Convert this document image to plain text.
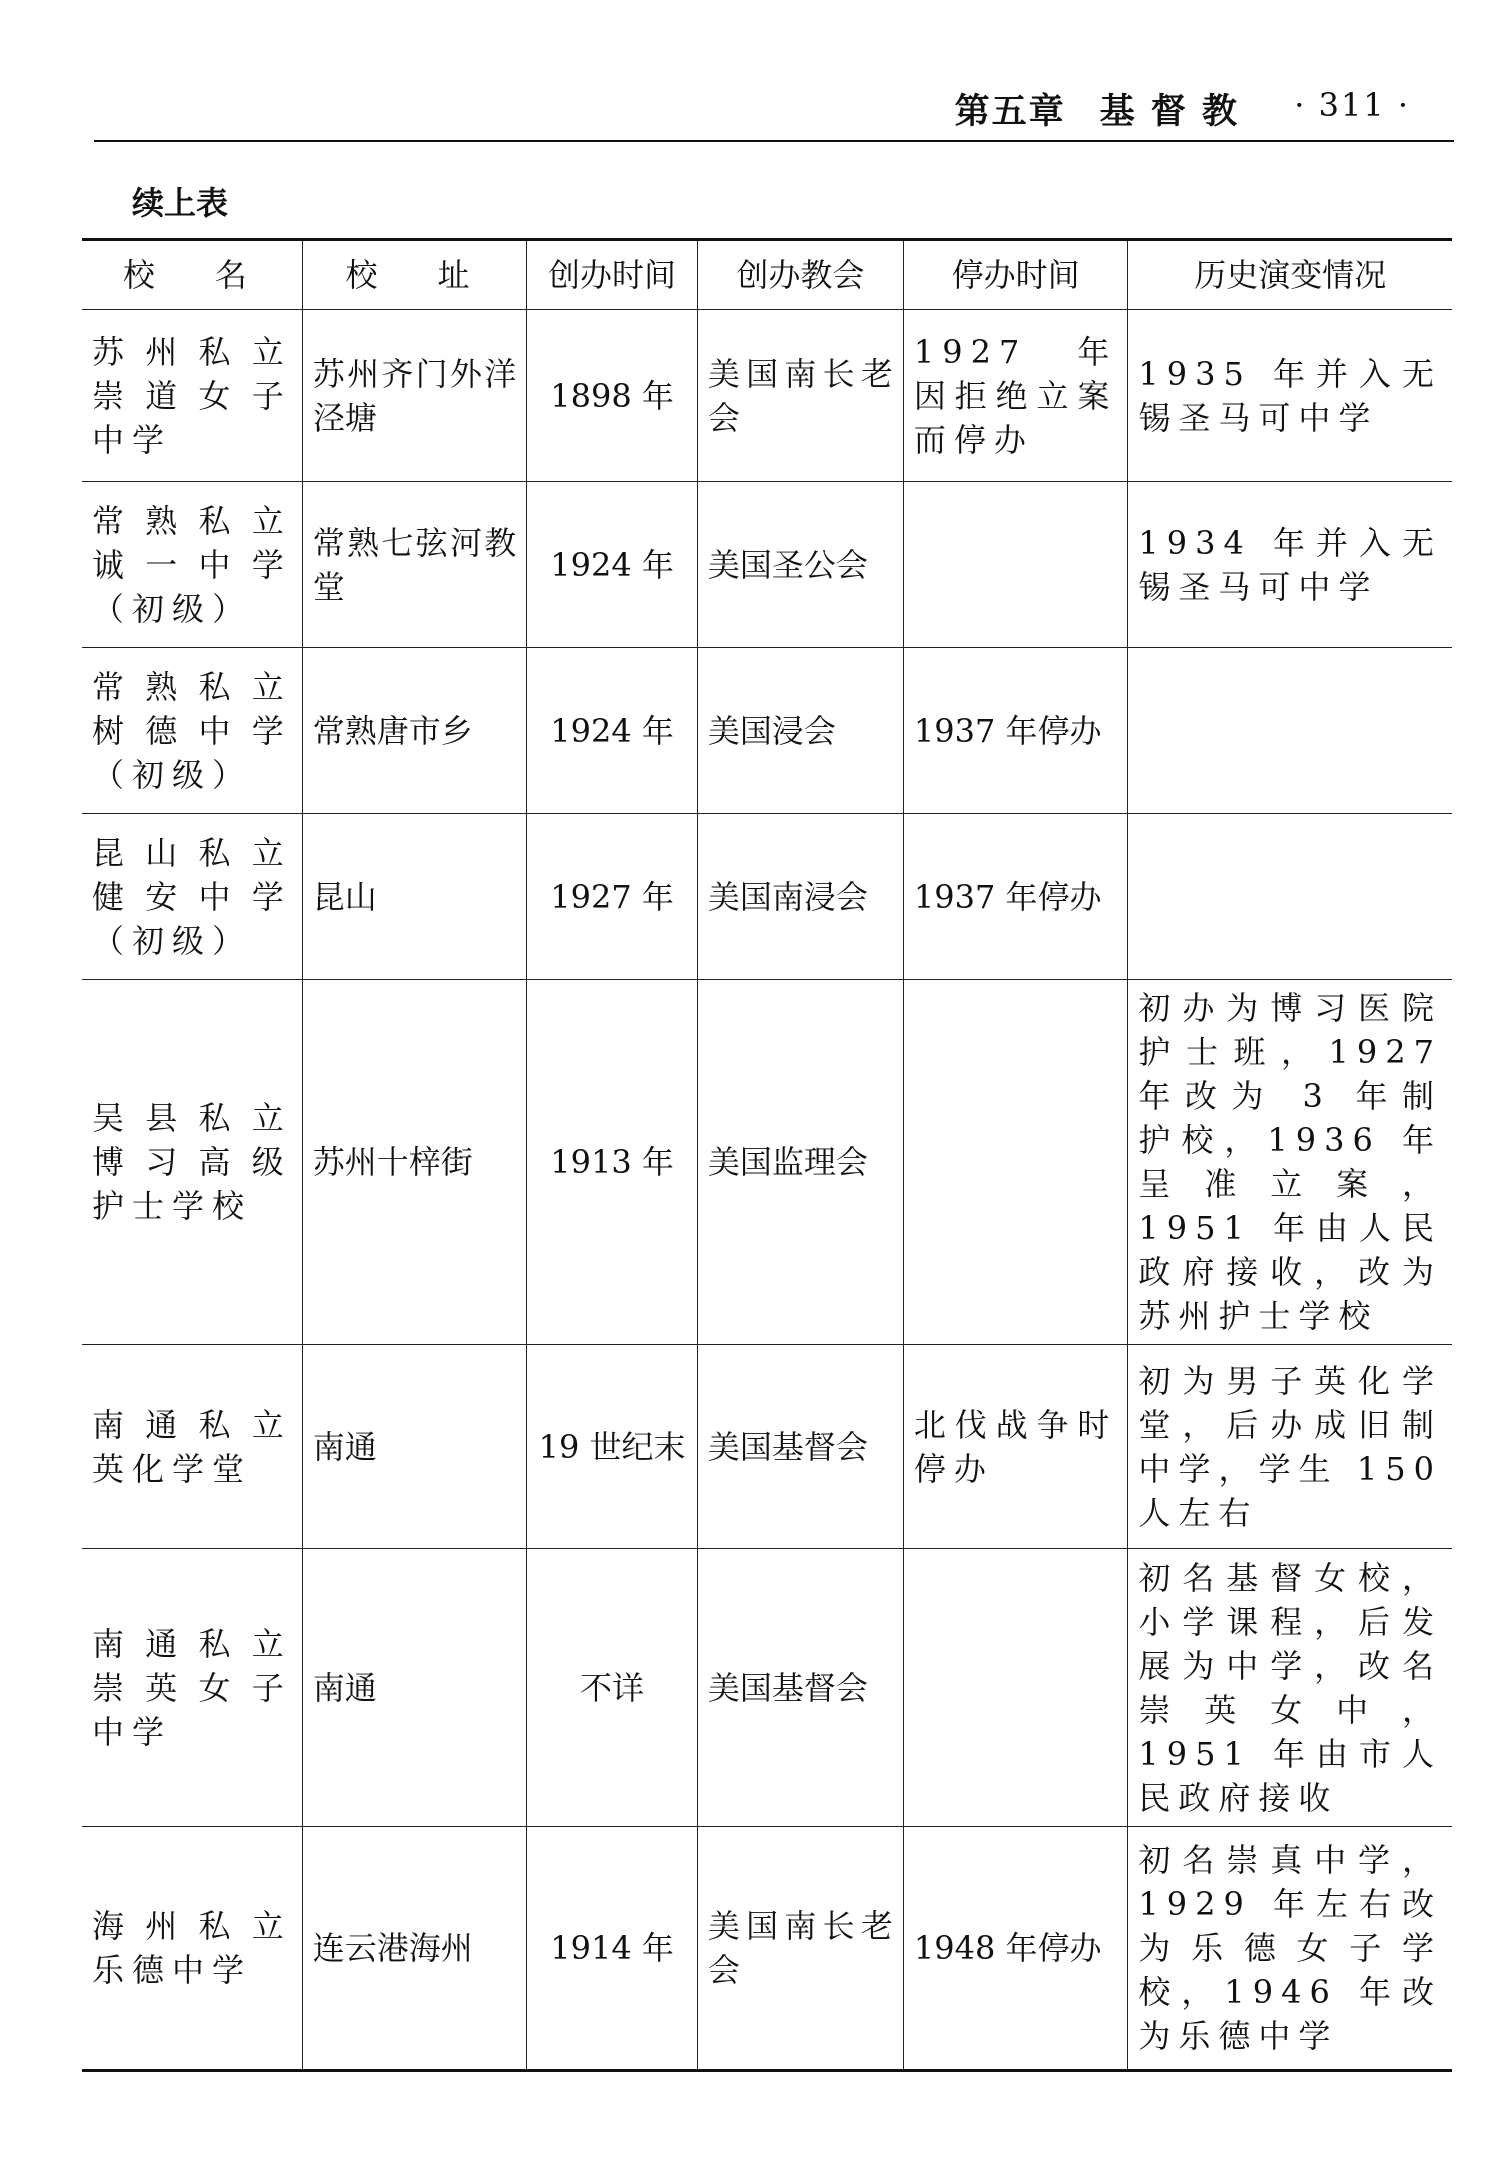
第五章 基 督 教 · 311 ·
续上表
校　名	校　址	创办时间	创办教会	停办时间	历史演变情况
苏州私立崇道女子中学	苏州齐门外洋泾塘	1898 年	美国南长老会	1927 年因拒绝立案而停办	1935 年并入无锡圣马可中学
常熟私立诚一中学（初级）	常熟七弦河教堂	1924 年	美国圣公会		1934 年并入无锡圣马可中学
常熟私立树德中学（初级）	常熟唐市乡	1924 年	美国浸会	1937 年停办	
昆山私立健安中学（初级）	昆山	1927 年	美国南浸会	1937 年停办	
吴县私立博习高级护士学校	苏州十梓街	1913 年	美国监理会		初办为博习医院护士班，1927 年改为 3 年制护校，1936 年呈准立案，1951 年由人民政府接收，改为苏州护士学校
南通私立英化学堂	南通	19 世纪末	美国基督会	北伐战争时停办	初为男子英化学堂，后办成旧制中学，学生 150 人左右
南通私立崇英女子中学	南通	不详	美国基督会		初名基督女校，小学课程，后发展为中学，改名崇英女中，1951 年由市人民政府接收
海州私立乐德中学	连云港海州	1914 年	美国南长老会	1948 年停办	初名崇真中学，1929 年左右改为乐德女子学校，1946 年改为乐德中学
